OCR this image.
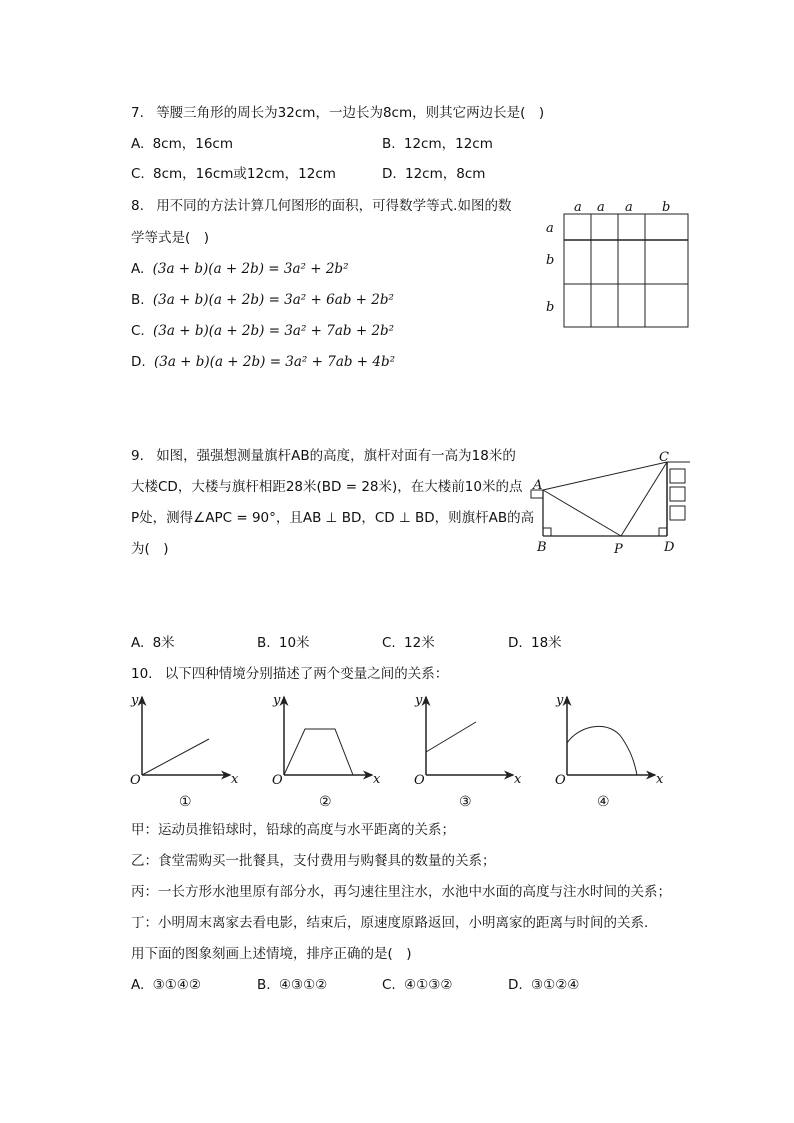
7. 等腰三角形的周长为32cm，一边长为8cm，则其它两边长是(　)
A. 8cm，16cm	B. 12cm，12cm
C. 8cm，16cm或12cm，12cm	D. 12cm，8cm
8. 用不同的方法计算几何图形的面积，可得数学等式.如图的数
学等式是(　)
A. (3a + b)(a + 2b) = 3a² + 2b²
B. (3a + b)(a + 2b) = 3a² + 6ab + 2b²
C. (3a + b)(a + 2b) = 3a² + 7ab + 2b²
D. (3a + b)(a + 2b) = 3a² + 7ab + 4b²
a a a b
a
b
b
9. 如图，强强想测量旗杆AB的高度，旗杆对面有一高为18米的
大楼CD，大楼与旗杆相距28米(BD = 28米)，在大楼前10米的点
P处，测得∠APC = 90°，且AB ⊥ BD，CD ⊥ BD，则旗杆AB的高
为(　)
A
B
C
D
P
A. 8米	B. 10米	C. 12米	D. 18米
10. 以下四种情境分别描述了两个变量之间的关系：
y
x
O
①
y
x
O
②
y
x
O
③
y
x
O
④
甲：运动员推铅球时，铅球的高度与水平距离的关系；
乙：食堂需购买一批餐具，支付费用与购餐具的数量的关系；
丙：一长方形水池里原有部分水，再匀速往里注水，水池中水面的高度与注水时间的关系；
丁：小明周末离家去看电影，结束后，原速度原路返回，小明离家的距离与时间的关系.
用下面的图象刻画上述情境，排序正确的是(　)
A. ③①④②	B. ④③①②	C. ④①③②	D. ③①②④
